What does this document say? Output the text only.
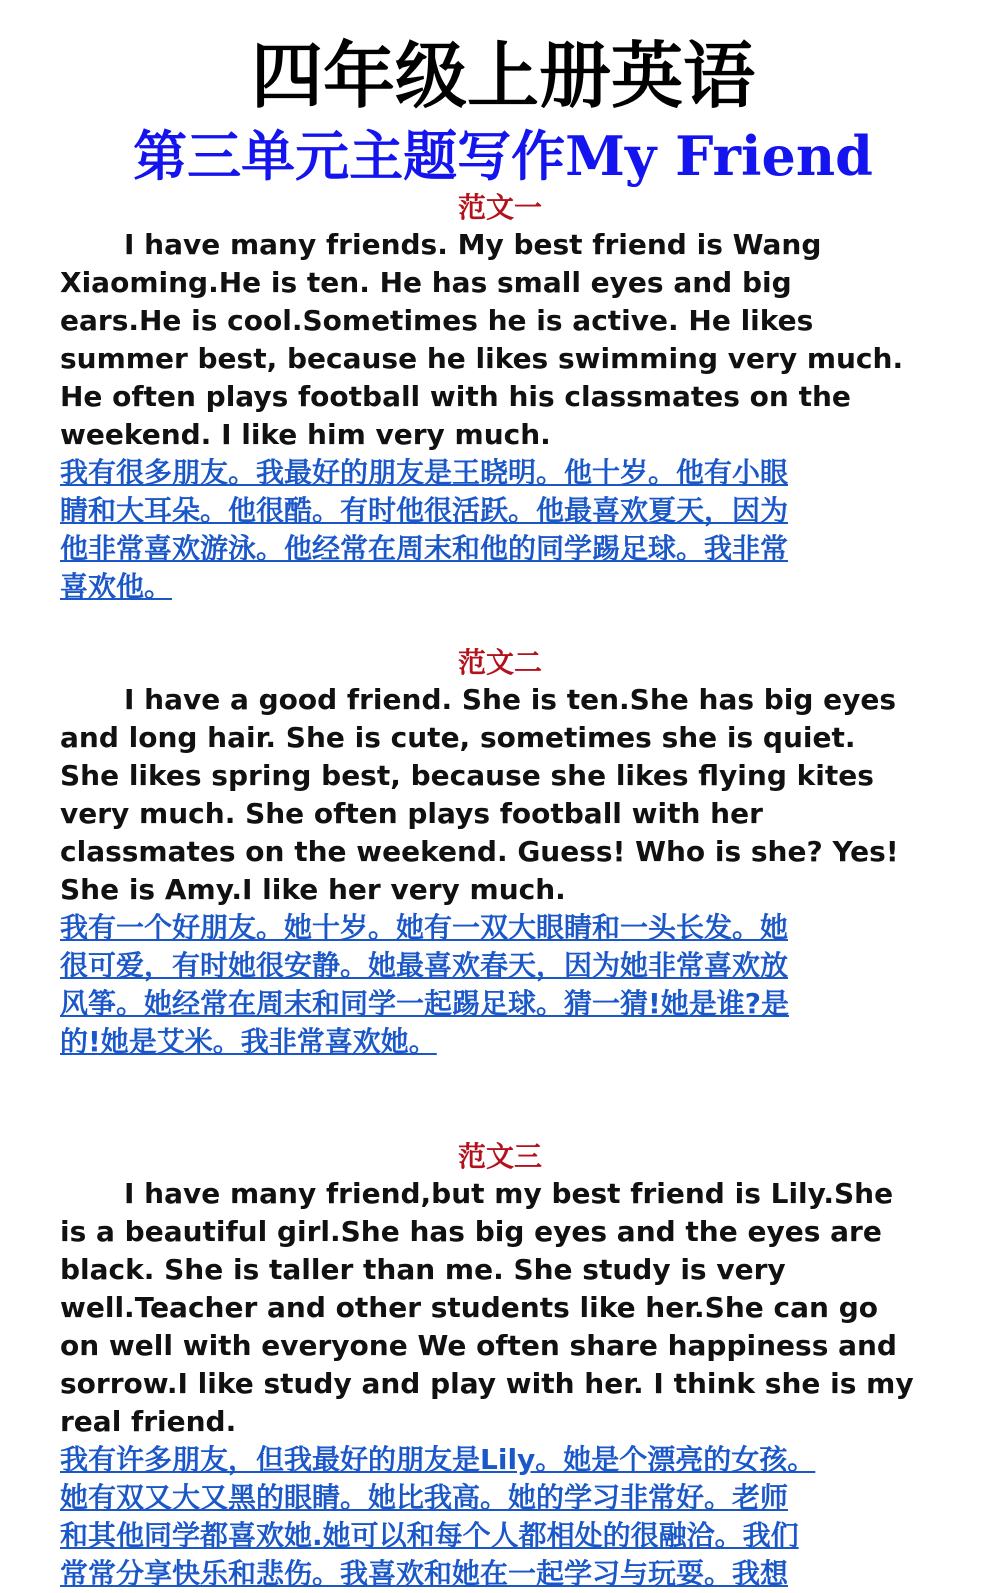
四年级上册英语
第三单元主题写作My Friend

范文一

I have many friends. My best friend is Wang
Xiaoming.He is ten. He has small eyes and big
ears.He is cool.Sometimes he is active. He likes
summer best, because he likes swimming very much.
He often plays football with his classmates on the
weekend. I like him very much.

我有很多朋友。我最好的朋友是王晓明。他十岁。他有小眼
睛和大耳朵。他很酷。有时他很活跃。他最喜欢夏天，因为
他非常喜欢游泳。他经常在周末和他的同学踢足球。我非常
喜欢他。

范文二

I have a good friend. She is ten.She has big eyes
and long hair. She is cute, sometimes she is quiet.
She likes spring best, because she likes flying kites
very much. She often plays football with her
classmates on the weekend. Guess! Who is she? Yes!
She is Amy.I like her very much.

我有一个好朋友。她十岁。她有一双大眼睛和一头长发。她
很可爱，有时她很安静。她最喜欢春天，因为她非常喜欢放
风筝。她经常在周末和同学一起踢足球。猜一猜!她是谁?是
的!她是艾米。我非常喜欢她。

范文三

I have many friend,but my best friend is Lily.She
is a beautiful girl.She has big eyes and the eyes are
black. She is taller than me. She study is very
well.Teacher and other students like her.She can go
on well with everyone We often share happiness and
sorrow.I like study and play with her. I think she is my
real friend.

我有许多朋友，但我最好的朋友是Lily。她是个漂亮的女孩。
她有双又大又黑的眼睛。她比我高。她的学习非常好。老师
和其他同学都喜欢她.她可以和每个人都相处的很融洽。我们
常常分享快乐和悲伤。我喜欢和她在一起学习与玩耍。我想
